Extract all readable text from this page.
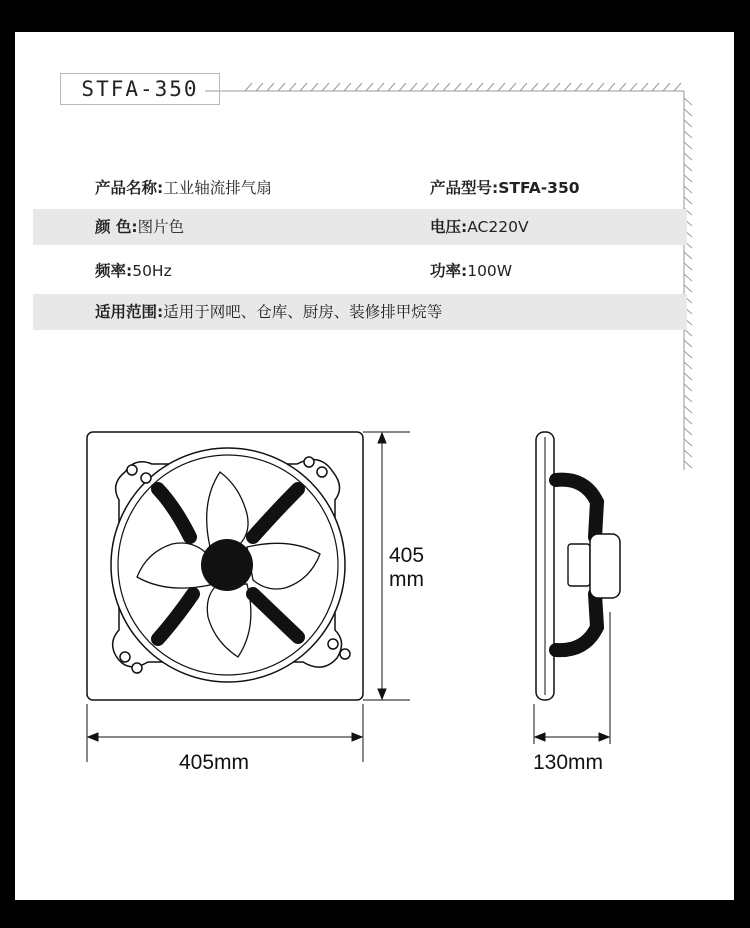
STFA-350
产品名称:工业轴流排气扇	产品型号:STFA-350
颜 色:图片色	电压:AC220V
频率:50Hz	功率:100W
适用范围:适用于网吧、仓库、厨房、装修排甲烷等
405
mm
405mm	130mm
